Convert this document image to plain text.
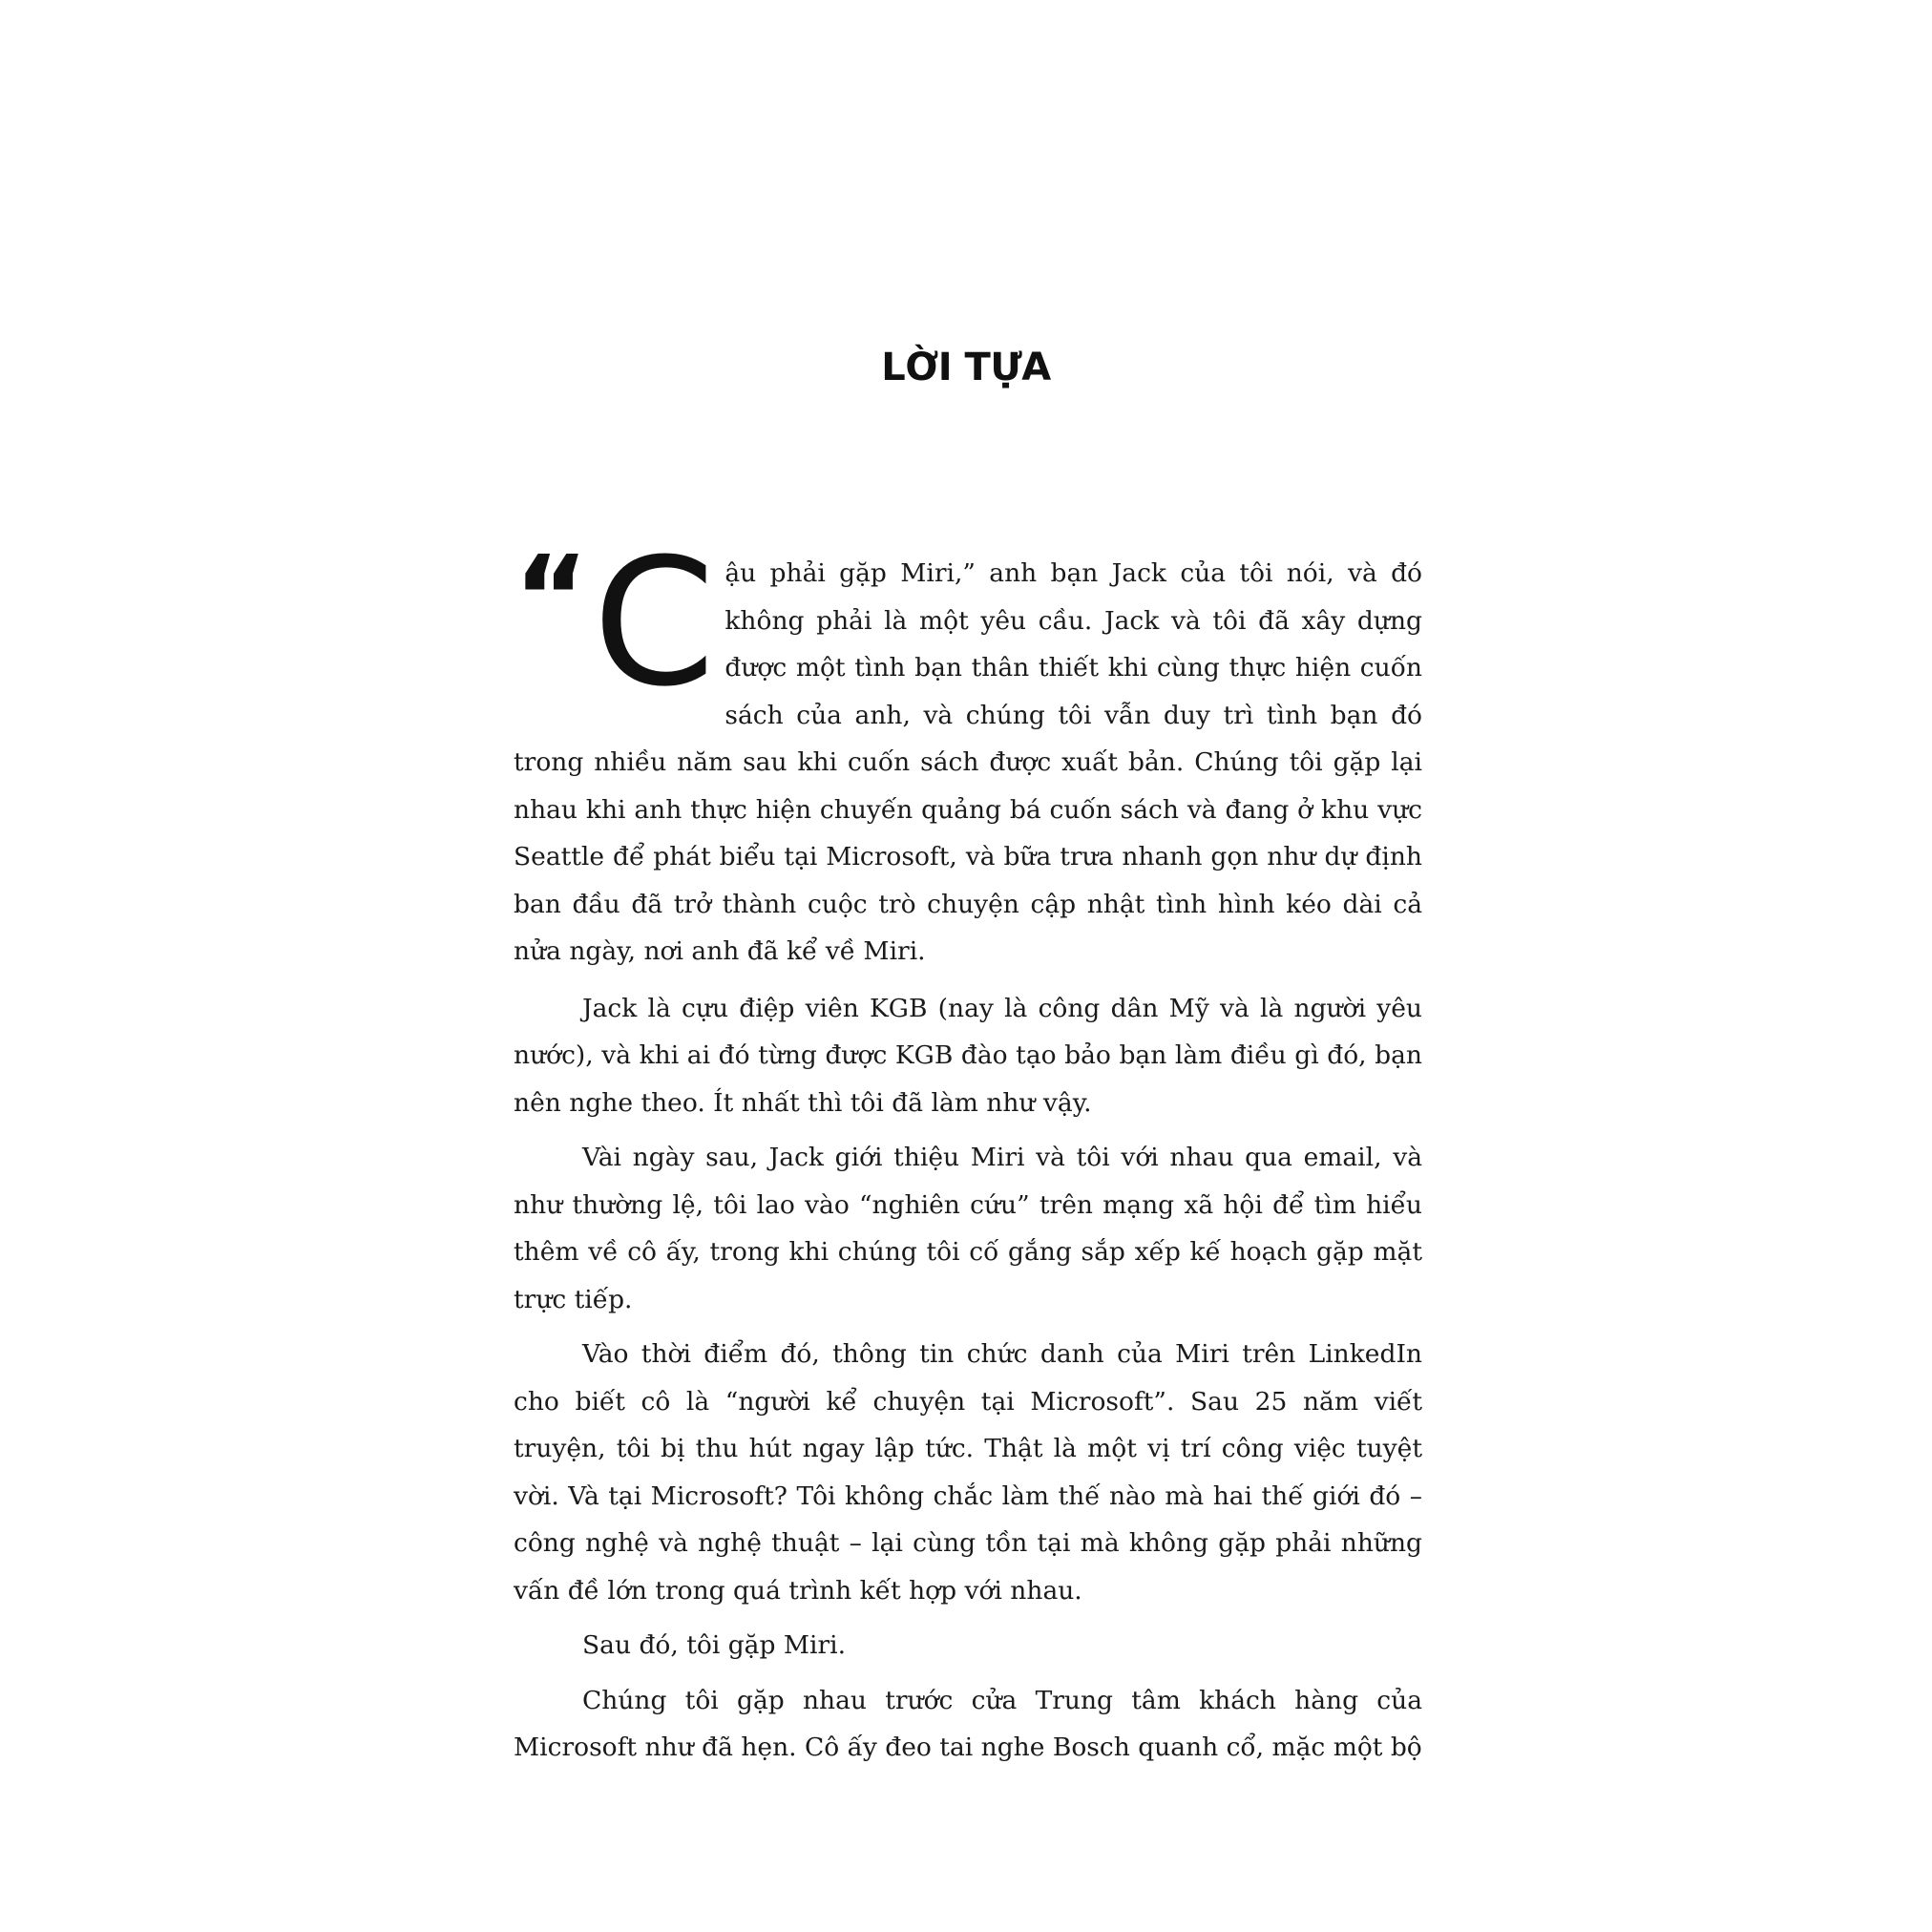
LỜI TỰA

“ C ậu phải gặp Miri,” anh bạn Jack của tôi nói, và đó không phải là một yêu cầu. Jack và tôi đã xây dựng được một tình bạn thân thiết khi cùng thực hiện cuốn sách của anh, và chúng tôi vẫn duy trì tình bạn đó trong nhiều năm sau khi cuốn sách được xuất bản. Chúng tôi gặp lại nhau khi anh thực hiện chuyến quảng bá cuốn sách và đang ở khu vực Seattle để phát biểu tại Microsoft, và bữa trưa nhanh gọn như dự định ban đầu đã trở thành cuộc trò chuyện cập nhật tình hình kéo dài cả nửa ngày, nơi anh đã kể về Miri.

Jack là cựu điệp viên KGB (nay là công dân Mỹ và là người yêu nước), và khi ai đó từng được KGB đào tạo bảo bạn làm điều gì đó, bạn nên nghe theo. Ít nhất thì tôi đã làm như vậy.

Vài ngày sau, Jack giới thiệu Miri và tôi với nhau qua email, và như thường lệ, tôi lao vào “nghiên cứu” trên mạng xã hội để tìm hiểu thêm về cô ấy, trong khi chúng tôi cố gắng sắp xếp kế hoạch gặp mặt trực tiếp.

Vào thời điểm đó, thông tin chức danh của Miri trên LinkedIn cho biết cô là “người kể chuyện tại Microsoft”. Sau 25 năm viết truyện, tôi bị thu hút ngay lập tức. Thật là một vị trí công việc tuyệt vời. Và tại Microsoft? Tôi không chắc làm thế nào mà hai thế giới đó – công nghệ và nghệ thuật – lại cùng tồn tại mà không gặp phải những vấn đề lớn trong quá trình kết hợp với nhau.

Sau đó, tôi gặp Miri.

Chúng tôi gặp nhau trước cửa Trung tâm khách hàng của Microsoft như đã hẹn. Cô ấy đeo tai nghe Bosch quanh cổ, mặc một bộ
